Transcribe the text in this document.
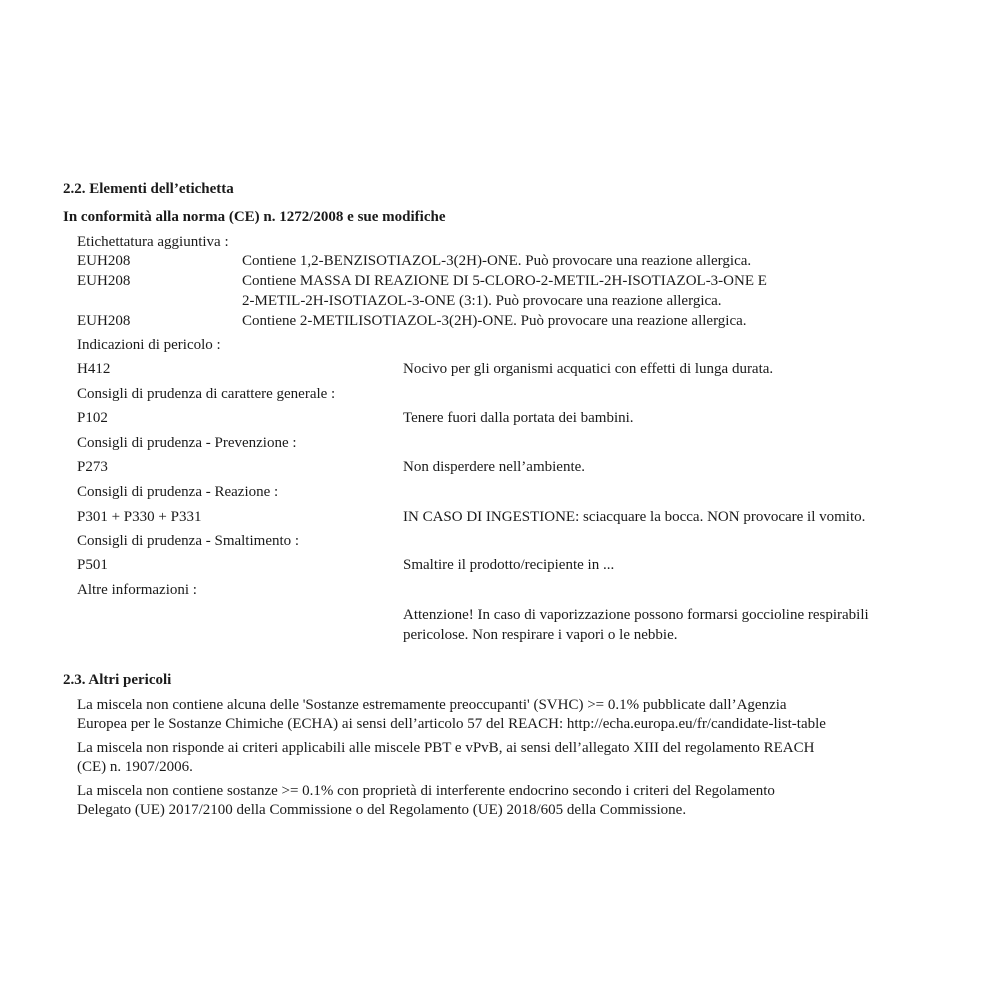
2.2. Elementi dell’etichetta
In conformità alla norma (CE) n. 1272/2008 e sue modifiche
Etichettatura aggiuntiva :
EUH208	Contiene 1,2-BENZISOTIAZOL-3(2H)-ONE. Può provocare una reazione allergica.
EUH208	Contiene MASSA DI REAZIONE DI 5-CLORO-2-METIL-2H-ISOTIAZOL-3-ONE E
2-METIL-2H-ISOTIAZOL-3-ONE (3:1). Può provocare una reazione allergica.
EUH208	Contiene 2-METILISOTIAZOL-3(2H)-ONE. Può provocare una reazione allergica.
Indicazioni di pericolo :
H412	Nocivo per gli organismi acquatici con effetti di lunga durata.
Consigli di prudenza di carattere generale :
P102	Tenere fuori dalla portata dei bambini.
Consigli di prudenza - Prevenzione :
P273	Non disperdere nell’ambiente.
Consigli di prudenza - Reazione :
P301 + P330 + P331	IN CASO DI INGESTIONE: sciacquare la bocca. NON provocare il vomito.
Consigli di prudenza - Smaltimento :
P501	Smaltire il prodotto/recipiente in ...
Altre informazioni :
Attenzione! In caso di vaporizzazione possono formarsi goccioline respirabili
pericolose. Non respirare i vapori o le nebbie.
2.3. Altri pericoli
La miscela non contiene alcuna delle 'Sostanze estremamente preoccupanti' (SVHC) >= 0.1% pubblicate dall’Agenzia
Europea per le Sostanze Chimiche (ECHA) ai sensi dell’articolo 57 del REACH: http://echa.europa.eu/fr/candidate-list-table
La miscela non risponde ai criteri applicabili alle miscele PBT e vPvB, ai sensi dell’allegato XIII del regolamento REACH
(CE) n. 1907/2006.
La miscela non contiene sostanze >= 0.1% con proprietà di interferente endocrino secondo i criteri del Regolamento
Delegato (UE) 2017/2100 della Commissione o del Regolamento (UE) 2018/605 della Commissione.
